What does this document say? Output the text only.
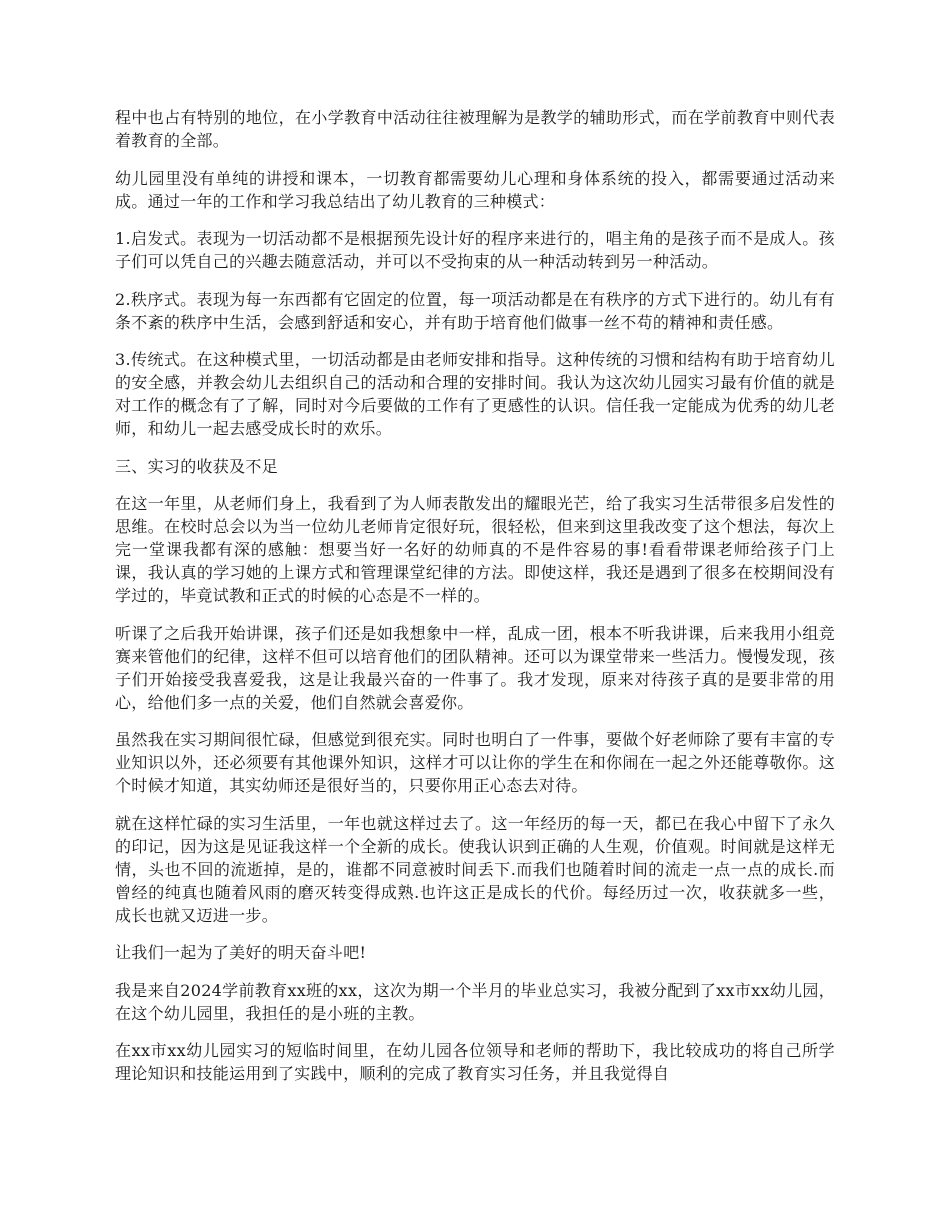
程中也占有特别的地位，在小学教育中活动往往被理解为是教学的辅助形式，而在学前教育中则代表着教育的全部。

幼儿园里没有单纯的讲授和课本，一切教育都需要幼儿心理和身体系统的投入，都需要通过活动来成。通过一年的工作和学习我总结出了幼儿教育的三种模式：

1.启发式。表现为一切活动都不是根据预先设计好的程序来进行的，唱主角的是孩子而不是成人。孩子们可以凭自己的兴趣去随意活动，并可以不受拘束的从一种活动转到另一种活动。

2.秩序式。表现为每一东西都有它固定的位置，每一项活动都是在有秩序的方式下进行的。幼儿有有条不紊的秩序中生活，会感到舒适和安心，并有助于培育他们做事一丝不苟的精神和责任感。

3.传统式。在这种模式里，一切活动都是由老师安排和指导。这种传统的习惯和结构有助于培育幼儿的安全感，并教会幼儿去组织自己的活动和合理的安排时间。我认为这次幼儿园实习最有价值的就是对工作的概念有了了解，同时对今后要做的工作有了更感性的认识。信任我一定能成为优秀的幼儿老师，和幼儿一起去感受成长时的欢乐。

三、实习的收获及不足

在这一年里，从老师们身上，我看到了为人师表散发出的耀眼光芒，给了我实习生活带很多启发性的思维。在校时总会以为当一位幼儿老师肯定很好玩，很轻松，但来到这里我改变了这个想法，每次上完一堂课我都有深的感触：想要当好一名好的幼师真的不是件容易的事!看看带课老师给孩子门上课，我认真的学习她的上课方式和管理课堂纪律的方法。即使这样，我还是遇到了很多在校期间没有学过的，毕竟试教和正式的时候的心态是不一样的。

听课了之后我开始讲课，孩子们还是如我想象中一样，乱成一团，根本不听我讲课，后来我用小组竞赛来管他们的纪律，这样不但可以培育他们的团队精神。还可以为课堂带来一些活力。慢慢发现，孩子们开始接受我喜爱我，这是让我最兴奋的一件事了。我才发现，原来对待孩子真的是要非常的用心，给他们多一点的关爱，他们自然就会喜爱你。

虽然我在实习期间很忙碌，但感觉到很充实。同时也明白了一件事，要做个好老师除了要有丰富的专业知识以外，还必须要有其他课外知识，这样才可以让你的学生在和你闹在一起之外还能尊敬你。这个时候才知道，其实幼师还是很好当的，只要你用正心态去对待。

就在这样忙碌的实习生活里，一年也就这样过去了。这一年经历的每一天，都已在我心中留下了永久的印记，因为这是见证我这样一个全新的成长。使我认识到正确的人生观，价值观。时间就是这样无情，头也不回的流逝掉，是的，谁都不同意被时间丢下.而我们也随着时间的流走一点一点的成长.而曾经的纯真也随着风雨的磨灭转变得成熟.也许这正是成长的代价。每经历过一次，收获就多一些，成长也就又迈进一步。

让我们一起为了美好的明天奋斗吧!

我是来自2024学前教育xx班的xx，这次为期一个半月的毕业总实习，我被分配到了xx市xx幼儿园，在这个幼儿园里，我担任的是小班的主教。

在xx市xx幼儿园实习的短临时间里，在幼儿园各位领导和老师的帮助下，我比较成功的将自己所学理论知识和技能运用到了实践中，顺利的完成了教育实习任务，并且我觉得自
